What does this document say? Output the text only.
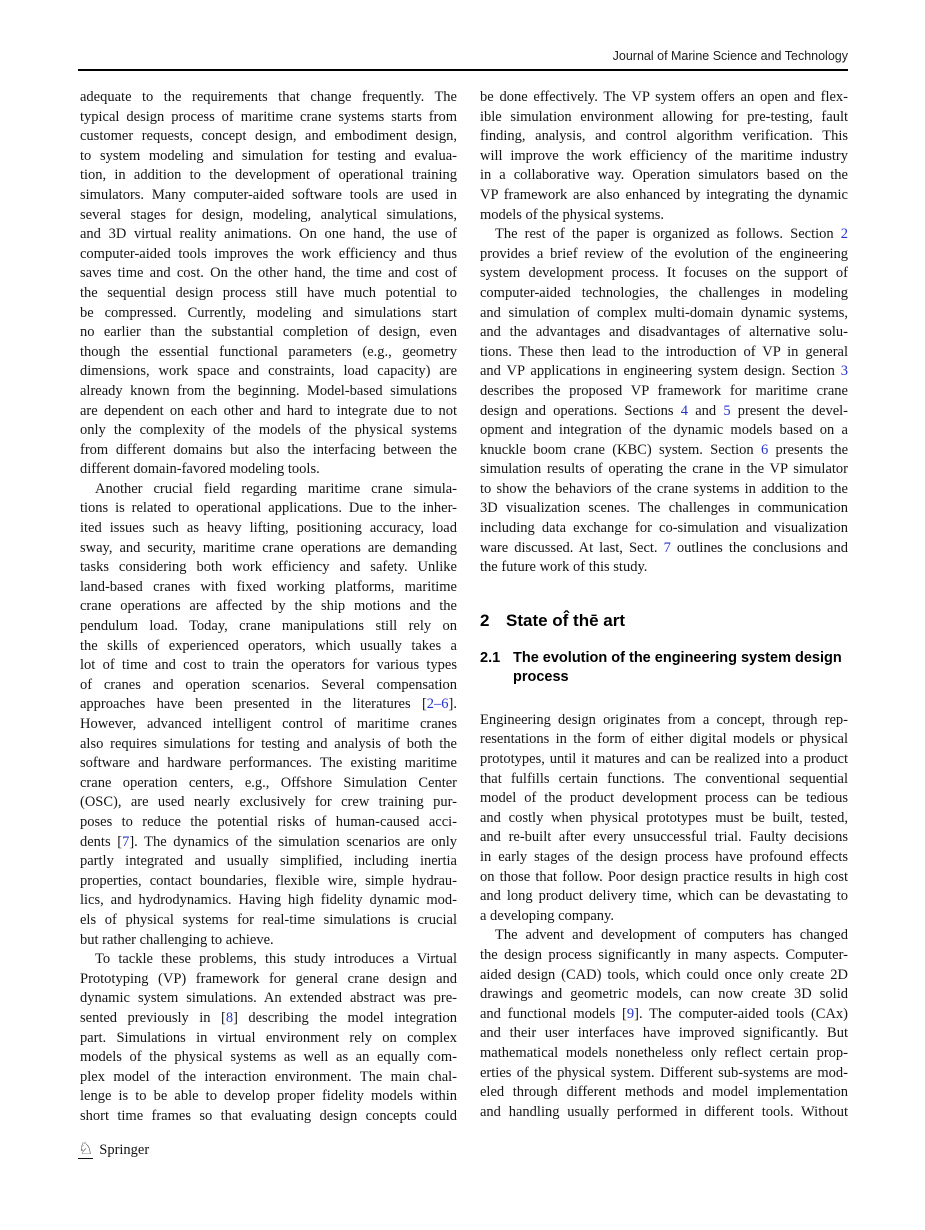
Journal of Marine Science and Technology
adequate to the requirements that change frequently. The
typical design process of maritime crane systems starts from
customer requests, concept design, and embodiment design,
to system modeling and simulation for testing and evalua-
tion, in addition to the development of operational training
simulators. Many computer-aided software tools are used in
several stages for design, modeling, analytical simulations,
and 3D virtual reality animations. On one hand, the use of
computer-aided tools improves the work efficiency and thus
saves time and cost. On the other hand, the time and cost of
the sequential design process still have much potential to
be compressed. Currently, modeling and simulations start
no earlier than the substantial completion of design, even
though the essential functional parameters (e.g., geometry
dimensions, work space and constraints, load capacity) are
already known from the beginning. Model-based simulations
are dependent on each other and hard to integrate due to not
only the complexity of the models of the physical systems
from different domains but also the interfacing between the
different domain-favored modeling tools.
Another crucial field regarding maritime crane simula-
tions is related to operational applications. Due to the inher-
ited issues such as heavy lifting, positioning accuracy, load
sway, and security, maritime crane operations are demanding
tasks considering both work efficiency and safety. Unlike
land-based cranes with fixed working platforms, maritime
crane operations are affected by the ship motions and the
pendulum load. Today, crane manipulations still rely on
the skills of experienced operators, which usually takes a
lot of time and cost to train the operators for various types
of cranes and operation scenarios. Several compensation
approaches have been presented in the literatures [2–6].
However, advanced intelligent control of maritime cranes
also requires simulations for testing and analysis of both the
software and hardware performances. The existing maritime
crane operation centers, e.g., Offshore Simulation Center
(OSC), are used nearly exclusively for crew training pur-
poses to reduce the potential risks of human-caused acci-
dents [7]. The dynamics of the simulation scenarios are only
partly integrated and usually simplified, including inertia
properties, contact boundaries, flexible wire, simple hydrau-
lics, and hydrodynamics. Having high fidelity dynamic mod-
els of physical systems for real-time simulations is crucial
but rather challenging to achieve.
To tackle these problems, this study introduces a Virtual
Prototyping (VP) framework for general crane design and
dynamic system simulations. An extended abstract was pre-
sented previously in [8] describing the model integration
part. Simulations in virtual environment rely on complex
models of the physical systems as well as an equally com-
plex model of the interaction environment. The main chal-
lenge is to be able to develop proper fidelity models within
short time frames so that evaluating design concepts could
be done effectively. The VP system offers an open and flex-
ible simulation environment allowing for pre-testing, fault
finding, analysis, and control algorithm verification. This
will improve the work efficiency of the maritime industry
in a collaborative way. Operation simulators based on the
VP framework are also enhanced by integrating the dynamic
models of the physical systems.
The rest of the paper is organized as follows. Section 2
provides a brief review of the evolution of the engineering
system development process. It focuses on the support of
computer-aided technologies, the challenges in modeling
and simulation of complex multi-domain dynamic systems,
and the advantages and disadvantages of alternative solu-
tions. These then lead to the introduction of VP in general
and VP applications in engineering system design. Section 3
describes the proposed VP framework for maritime crane
design and operations. Sections 4 and 5 present the devel-
opment and integration of the dynamic models based on a
knuckle boom crane (KBC) system. Section 6 presents the
simulation results of operating the crane in the VP simulator
to show the behaviors of the crane systems in addition to the
3D visualization scenes. The challenges in communication
including data exchange for co-simulation and visualization
ware discussed. At last, Sect. 7 outlines the conclusions and
the future work of this study.
2 State of̂ thē art
2.1 The evolution of the engineering system design
process
Engineering design originates from a concept, through rep-
resentations in the form of either digital models or physical
prototypes, until it matures and can be realized into a product
that fulfills certain functions. The conventional sequential
model of the product development process can be tedious
and costly when physical prototypes must be built, tested,
and re-built after every unsuccessful trial. Faulty decisions
in early stages of the design process have profound effects
on those that follow. Poor design practice results in high cost
and long product delivery time, which can be devastating to
a developing company.
The advent and development of computers has changed
the design process significantly in many aspects. Computer-
aided design (CAD) tools, which could once only create 2D
drawings and geometric models, can now create 3D solid
and functional models [9]. The computer-aided tools (CAx)
and their user interfaces have improved significantly. But
mathematical models nonetheless only reflect certain prop-
erties of the physical system. Different sub-systems are mod-
eled through different methods and model implementation
and handling usually performed in different tools. Without
♘ Springer
